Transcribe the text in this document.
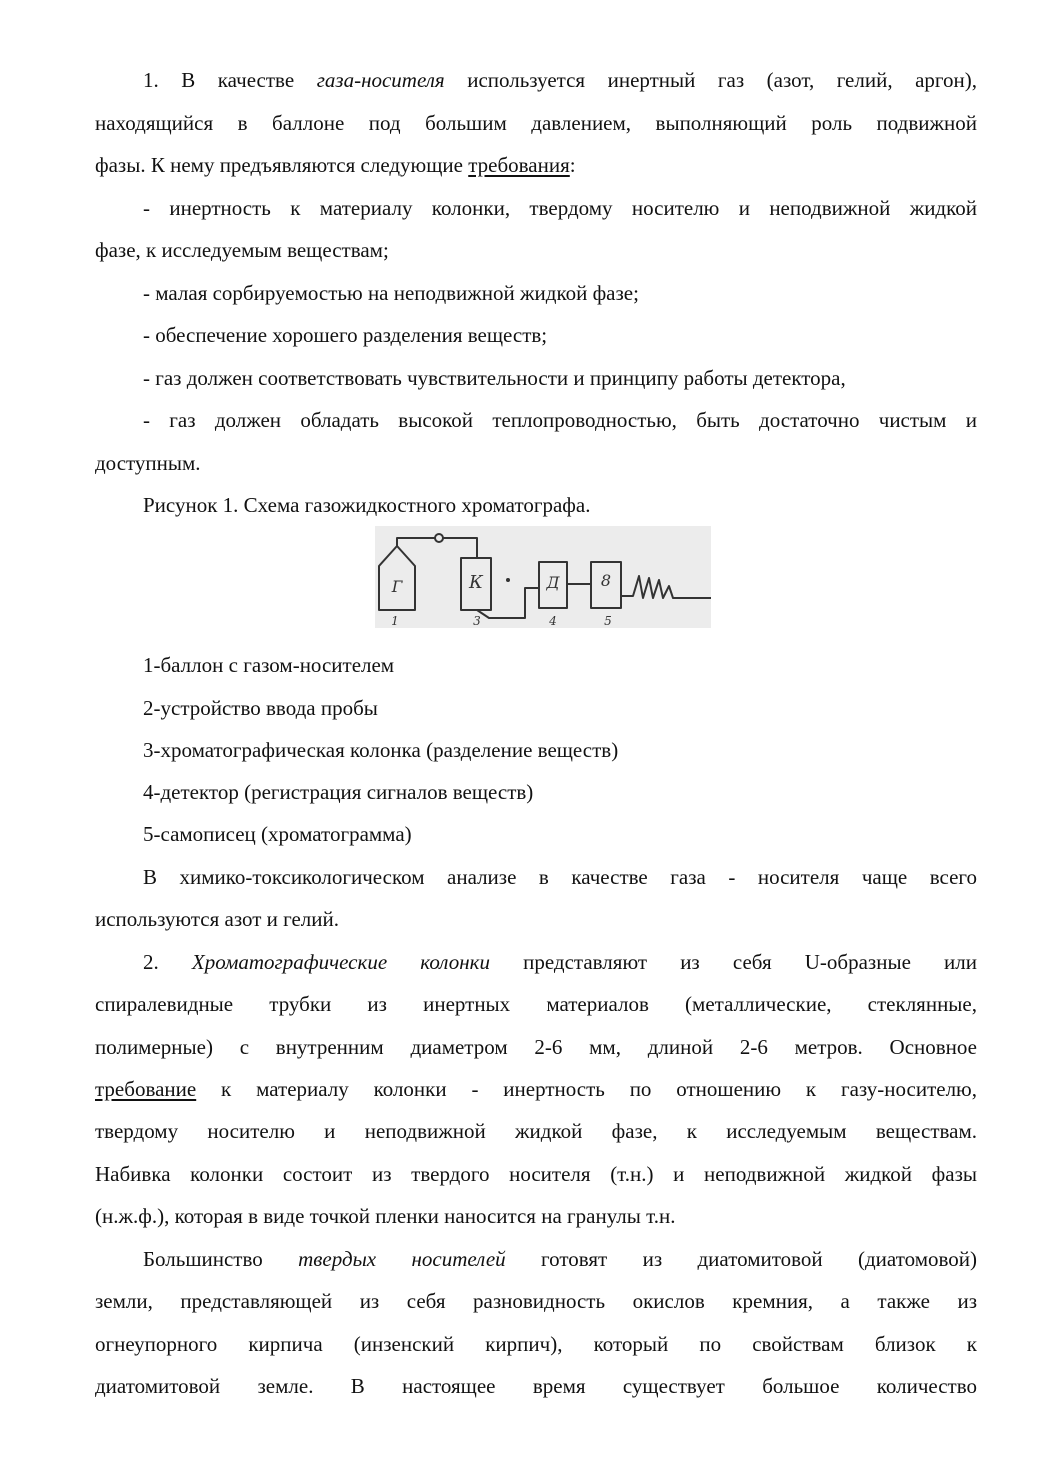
1. В качестве газа-носителя используется инертный газ (азот, гелий, аргон),
находящийся в баллоне под большим давлением, выполняющий роль подвижной
фазы. К нему предъявляются следующие требования:
- инертность к материалу колонки, твердому носителю и неподвижной жидкой
фазе, к исследуемым веществам;
- малая сорбируемостью на неподвижной жидкой фазе;
- обеспечение хорошего разделения веществ;
- газ должен соответствовать чувствительности и принципу работы детектора,
- газ должен обладать высокой теплопроводностью, быть достаточно чистым и
доступным.
Рисунок 1. Схема газожидкостного хроматографа.
Г	К	Д	8
1	3	4	5
1-баллон с газом-носителем
2-устройство ввода пробы
3-хроматографическая колонка (разделение веществ)
4-детектор (регистрация сигналов веществ)
5-самописец (хроматограмма)
В химико-токсикологическом анализе в качестве газа - носителя чаще всего
используются азот и гелий.
2. Хроматографические колонки представляют из себя U-образные или
спиралевидные трубки из инертных материалов (металлические, стеклянные,
полимерные) с внутренним диаметром 2-6 мм, длиной 2-6 метров. Основное
требование к материалу колонки - инертность по отношению к газу-носителю,
твердому носителю и неподвижной жидкой фазе, к исследуемым веществам.
Набивка колонки состоит из твердого носителя (т.н.) и неподвижной жидкой фазы
(н.ж.ф.), которая в виде точкой пленки наносится на гранулы т.н.
Большинство твердых носителей готовят из диатомитовой (диатомовой)
земли, представляющей из себя разновидность окислов кремния, а также из
огнеупорного кирпича (инзенский кирпич), который по свойствам близок к
диатомитовой земле. В настоящее время существует большое количество
